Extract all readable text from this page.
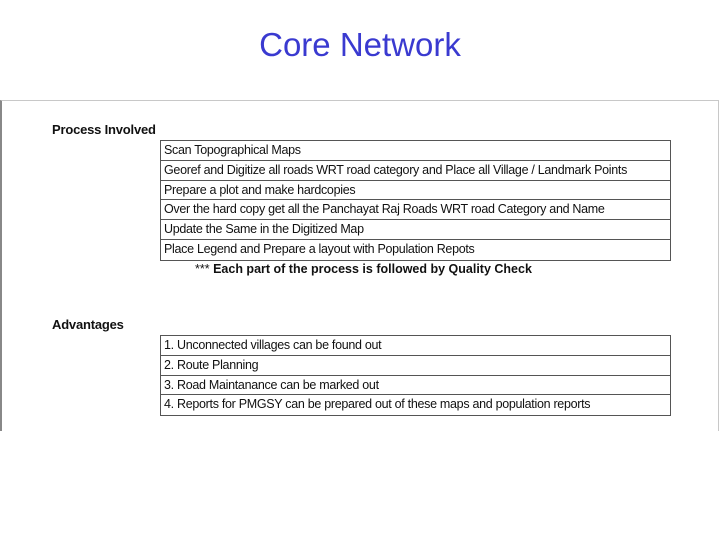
Core Network
Process Involved
Scan Topographical Maps
Georef and Digitize all roads WRT road category and Place all Village / Landmark Points
Prepare a plot and make hardcopies
Over the hard copy get all the Panchayat Raj Roads WRT road Category and Name
Update the Same in the Digitized Map
Place Legend and Prepare a layout with Population Repots
*** Each part of the process is followed by Quality Check
Advantages
1. Unconnected villages can be found out
2. Route Planning
3. Road Maintanance can be marked out
4. Reports for PMGSY can be prepared out of these maps and population reports
